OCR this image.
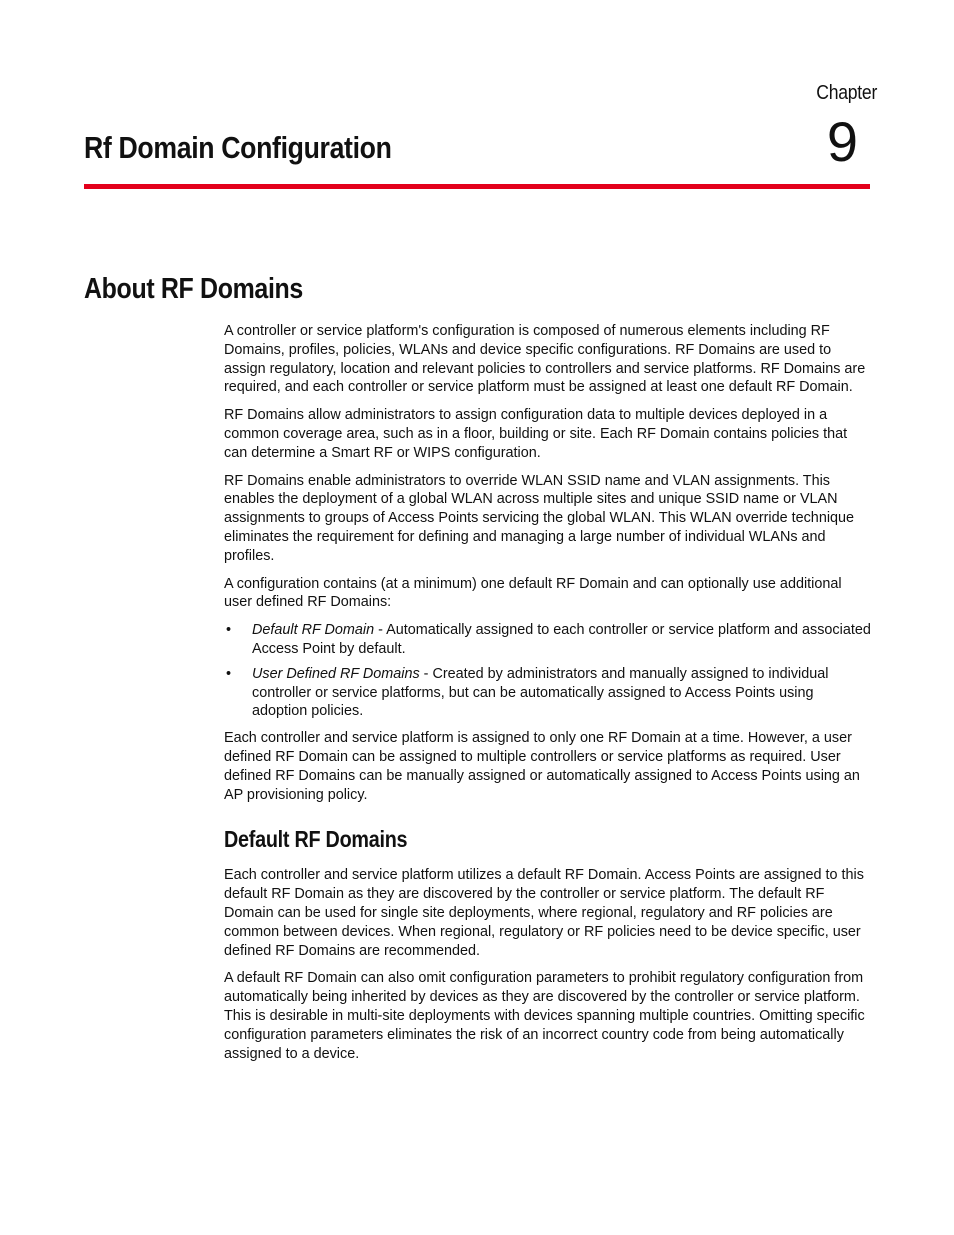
Chapter
9
Rf Domain Configuration
About RF Domains

A controller or service platform's configuration is composed of numerous elements including RF Domains, profiles, policies, WLANs and device specific configurations. RF Domains are used to assign regulatory, location and relevant policies to controllers and service platforms. RF Domains are required, and each controller or service platform must be assigned at least one default RF Domain.

RF Domains allow administrators to assign configuration data to multiple devices deployed in a common coverage area, such as in a floor, building or site. Each RF Domain contains policies that can determine a Smart RF or WIPS configuration.

RF Domains enable administrators to override WLAN SSID name and VLAN assignments. This enables the deployment of a global WLAN across multiple sites and unique SSID name or VLAN assignments to groups of Access Points servicing the global WLAN. This WLAN override technique eliminates the requirement for defining and managing a large number of individual WLANs and profiles.

A configuration contains (at a minimum) one default RF Domain and can optionally use additional user defined RF Domains:

• Default RF Domain - Automatically assigned to each controller or service platform and associated Access Point by default.
• User Defined RF Domains - Created by administrators and manually assigned to individual controller or service platforms, but can be automatically assigned to Access Points using adoption policies.

Each controller and service platform is assigned to only one RF Domain at a time. However, a user defined RF Domain can be assigned to multiple controllers or service platforms as required. User defined RF Domains can be manually assigned or automatically assigned to Access Points using an AP provisioning policy.

Default RF Domains

Each controller and service platform utilizes a default RF Domain. Access Points are assigned to this default RF Domain as they are discovered by the controller or service platform. The default RF Domain can be used for single site deployments, where regional, regulatory and RF policies are common between devices. When regional, regulatory or RF policies need to be device specific, user defined RF Domains are recommended.

A default RF Domain can also omit configuration parameters to prohibit regulatory configuration from automatically being inherited by devices as they are discovered by the controller or service platform. This is desirable in multi-site deployments with devices spanning multiple countries. Omitting specific configuration parameters eliminates the risk of an incorrect country code from being automatically assigned to a device.
